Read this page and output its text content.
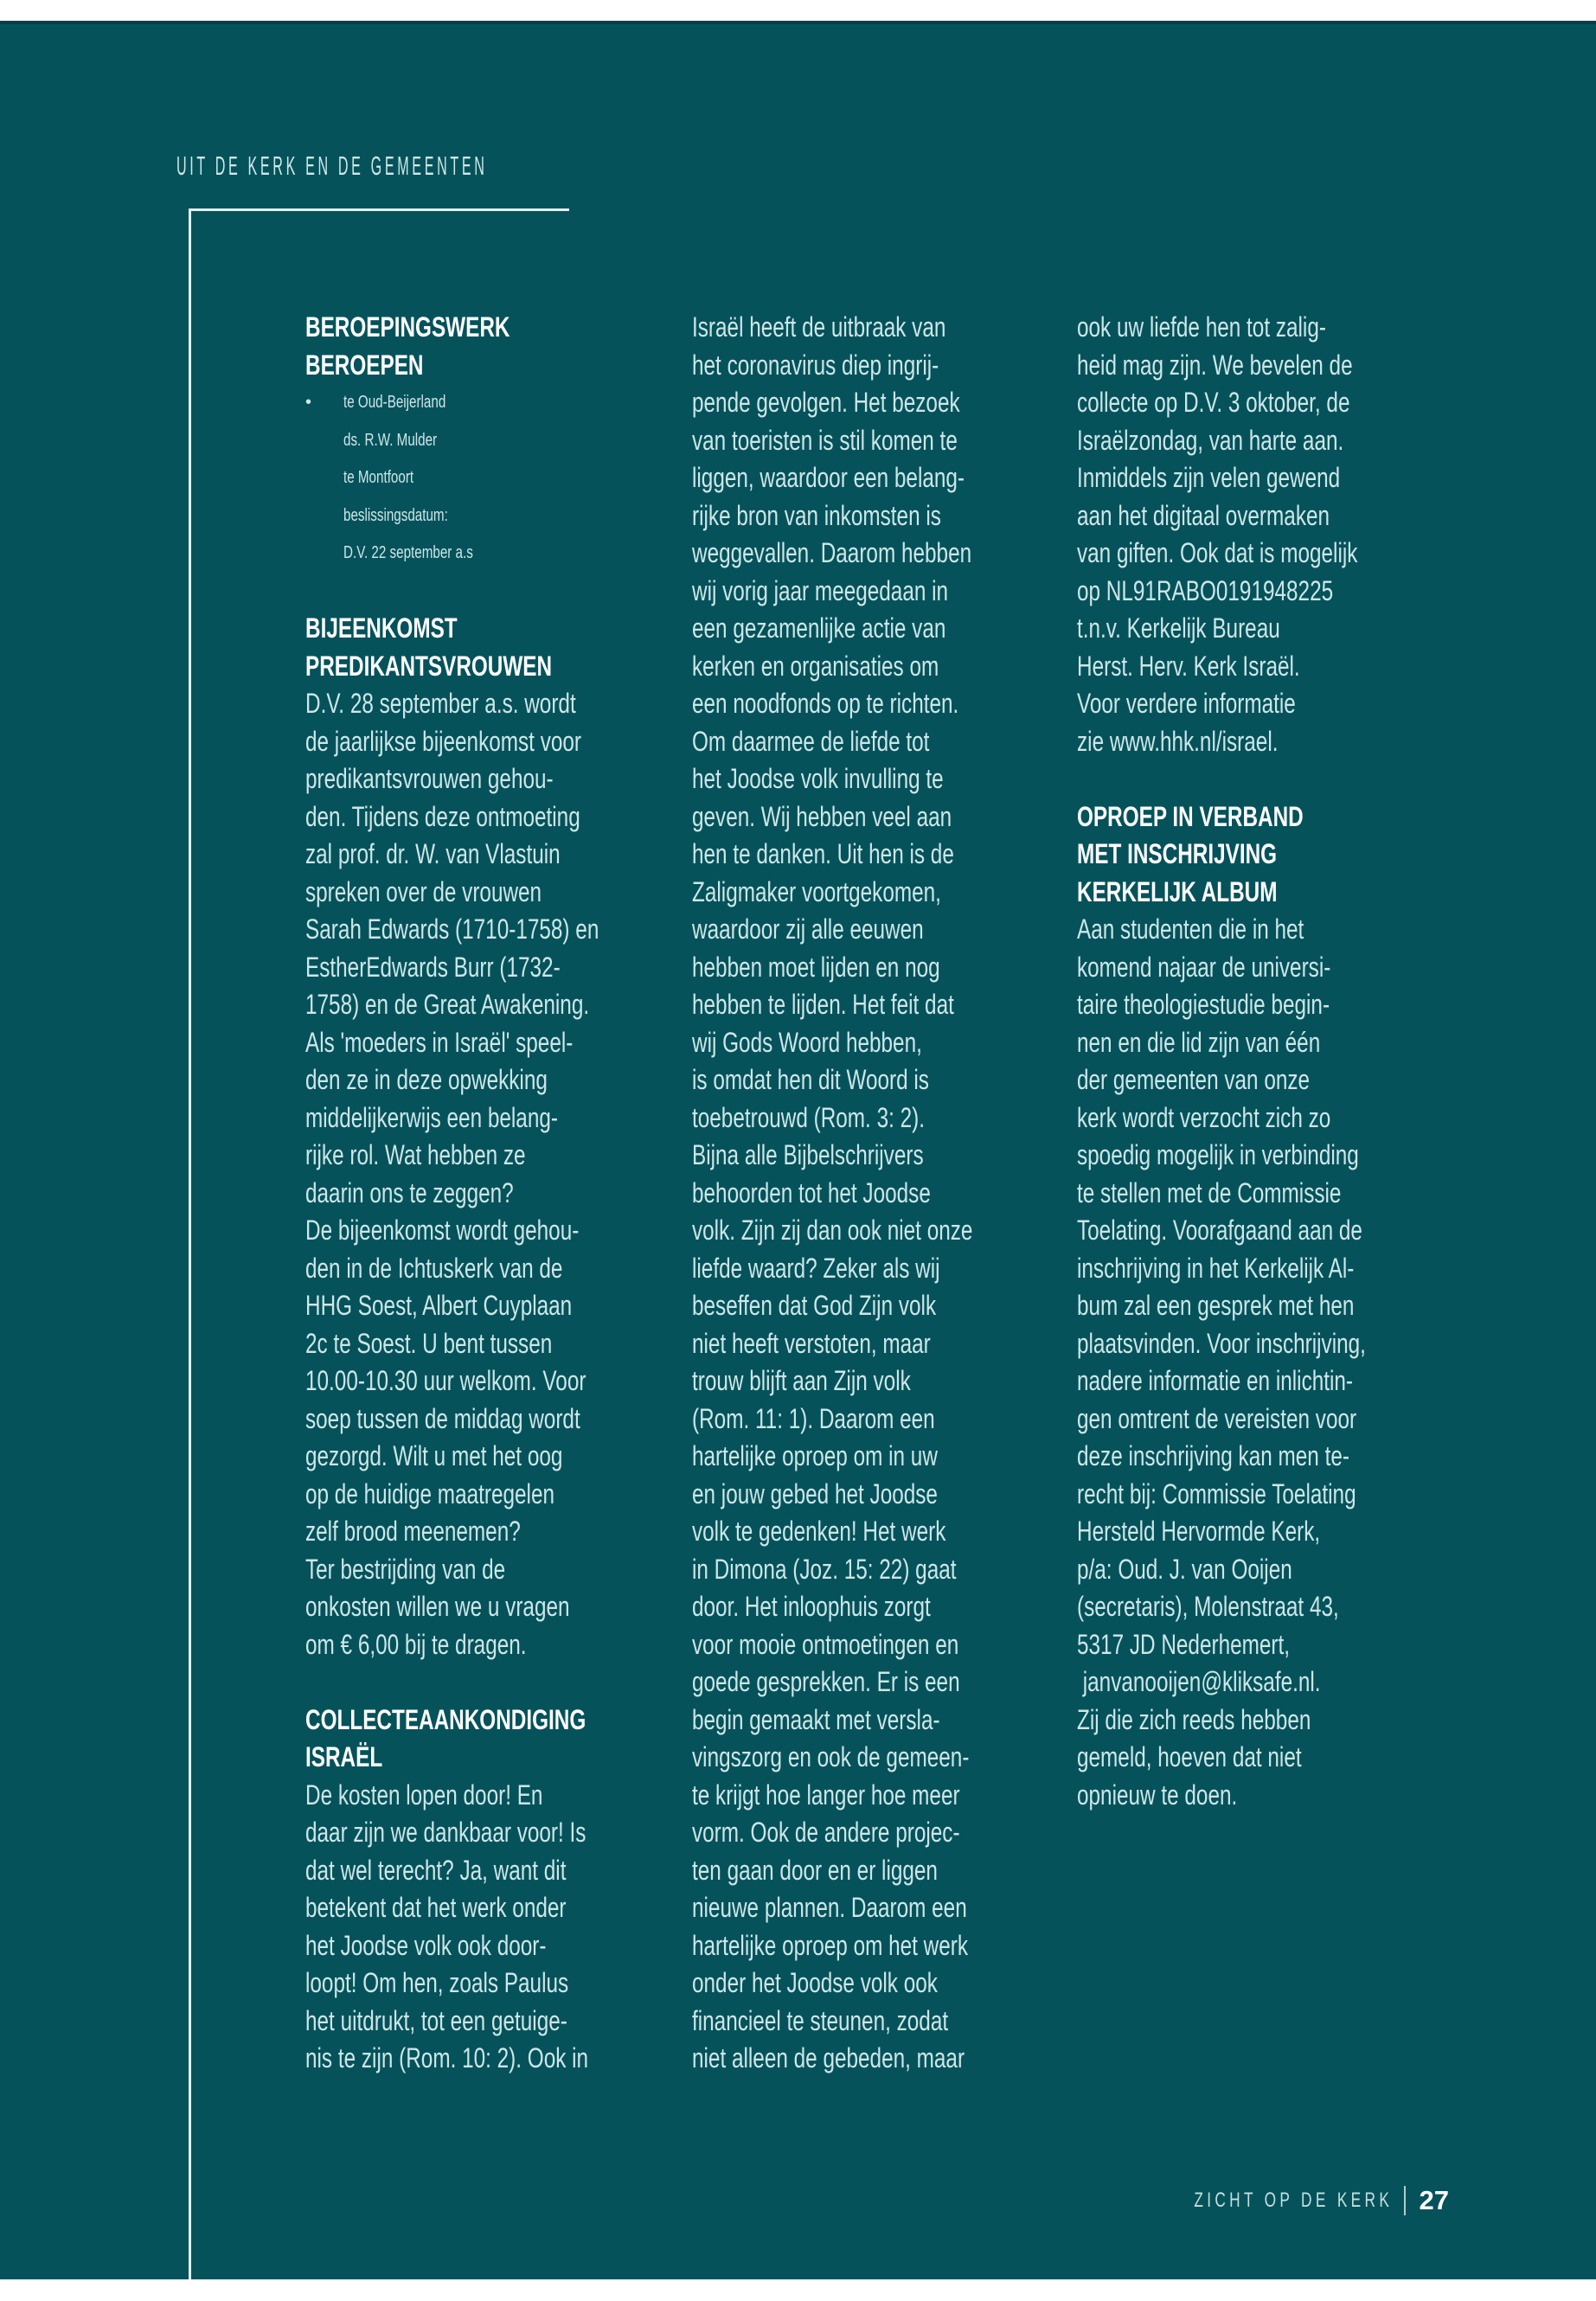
UIT DE KERK EN DE GEMEENTEN
BEROEPINGSWERK
BEROEPEN
•	te Oud-Beijerland
ds. R.W. Mulder
te Montfoort
beslissingsdatum:
D.V. 22 september a.s
BIJEENKOMST
PREDIKANTSVROUWEN
D.V. 28 september a.s. wordt
de jaarlijkse bijeenkomst voor
predikantsvrouwen gehou-
den. Tijdens deze ontmoeting
zal prof. dr. W. van Vlastuin
spreken over de vrouwen
Sarah Edwards (1710-1758) en
EstherEdwards Burr (1732-
1758) en de Great Awakening.
Als 'moeders in Israël' speel-
den ze in deze opwekking
middelijkerwijs een belang-
rijke rol. Wat hebben ze
daarin ons te zeggen?
De bijeenkomst wordt gehou-
den in de Ichtuskerk van de
HHG Soest, Albert Cuyplaan
2c te Soest. U bent tussen
10.00-10.30 uur welkom. Voor
soep tussen de middag wordt
gezorgd. Wilt u met het oog
op de huidige maatregelen
zelf brood meenemen?
Ter bestrijding van de
onkosten willen we u vragen
om € 6,00 bij te dragen.
COLLECTEAANKONDIGING
ISRAËL
De kosten lopen door! En
daar zijn we dankbaar voor! Is
dat wel terecht? Ja, want dit
betekent dat het werk onder
het Joodse volk ook door-
loopt! Om hen, zoals Paulus
het uitdrukt, tot een getuige-
nis te zijn (Rom. 10: 2). Ook in
Israël heeft de uitbraak van
het coronavirus diep ingrij-
pende gevolgen. Het bezoek
van toeristen is stil komen te
liggen, waardoor een belang-
rijke bron van inkomsten is
weggevallen. Daarom hebben
wij vorig jaar meegedaan in
een gezamenlijke actie van
kerken en organisaties om
een noodfonds op te richten.
Om daarmee de liefde tot
het Joodse volk invulling te
geven. Wij hebben veel aan
hen te danken. Uit hen is de
Zaligmaker voortgekomen,
waardoor zij alle eeuwen
hebben moet lijden en nog
hebben te lijden. Het feit dat
wij Gods Woord hebben,
is omdat hen dit Woord is
toebetrouwd (Rom. 3: 2).
Bijna alle Bijbelschrijvers
behoorden tot het Joodse
volk. Zijn zij dan ook niet onze
liefde waard? Zeker als wij
beseffen dat God Zijn volk
niet heeft verstoten, maar
trouw blijft aan Zijn volk
(Rom. 11: 1). Daarom een
hartelijke oproep om in uw
en jouw gebed het Joodse
volk te gedenken! Het werk
in Dimona (Joz. 15: 22) gaat
door. Het inloophuis zorgt
voor mooie ontmoetingen en
goede gesprekken. Er is een
begin gemaakt met versla-
vingszorg en ook de gemeen-
te krijgt hoe langer hoe meer
vorm. Ook de andere projec-
ten gaan door en er liggen
nieuwe plannen. Daarom een
hartelijke oproep om het werk
onder het Joodse volk ook
financieel te steunen, zodat
niet alleen de gebeden, maar
ook uw liefde hen tot zalig-
heid mag zijn. We bevelen de
collecte op D.V. 3 oktober, de
Israëlzondag, van harte aan.
Inmiddels zijn velen gewend
aan het digitaal overmaken
van giften. Ook dat is mogelijk
op NL91RABO0191948225
t.n.v. Kerkelijk Bureau
Herst. Herv. Kerk Israël.
Voor verdere informatie
zie www.hhk.nl/israel.
OPROEP IN VERBAND
MET INSCHRIJVING
KERKELIJK ALBUM
Aan studenten die in het
komend najaar de universi-
taire theologiestudie begin-
nen en die lid zijn van één
der gemeenten van onze
kerk wordt verzocht zich zo
spoedig mogelijk in verbinding
te stellen met de Commissie
Toelating. Voorafgaand aan de
inschrijving in het Kerkelijk Al-
bum zal een gesprek met hen
plaatsvinden. Voor inschrijving,
nadere informatie en inlichtin-
gen omtrent de vereisten voor
deze inschrijving kan men te-
recht bij: Commissie Toelating
Hersteld Hervormde Kerk,
p/a: Oud. J. van Ooijen
(secretaris), Molenstraat 43,
5317 JD Nederhemert,
janvanooijen@kliksafe.nl.
Zij die zich reeds hebben
gemeld, hoeven dat niet
opnieuw te doen.
ZICHT OP DE KERK 27
